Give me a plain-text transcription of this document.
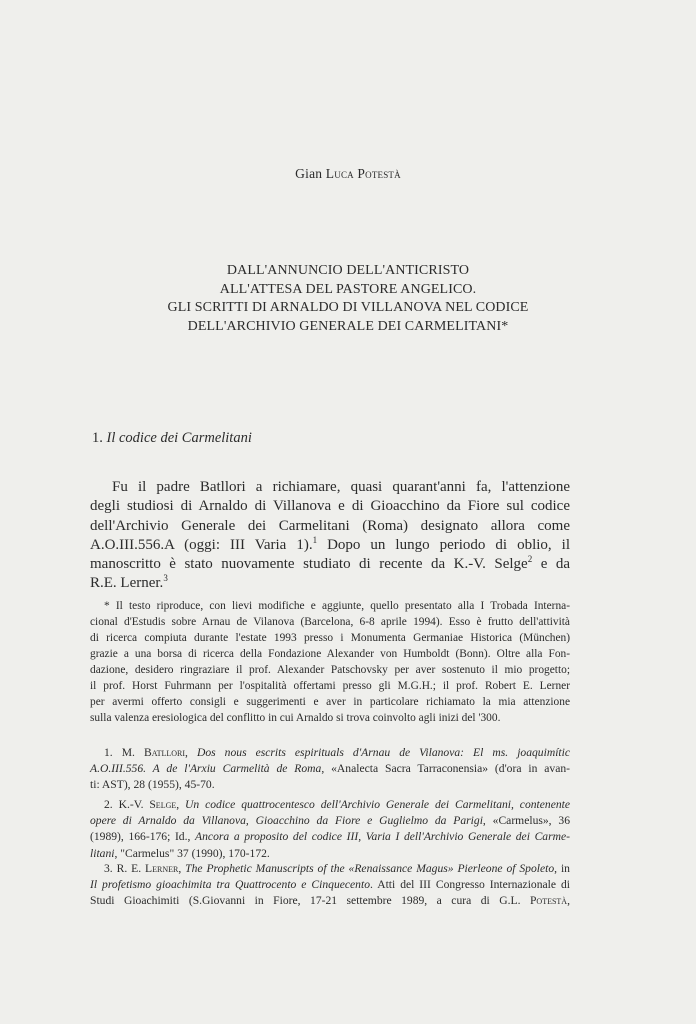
Gian Luca Potestà
DALL'ANNUNCIO DELL'ANTICRISTO
ALL'ATTESA DEL PASTORE ANGELICO.
GLI SCRITTI DI ARNALDO DI VILLANOVA NEL CODICE
DELL'ARCHIVIO GENERALE DEI CARMELITANI*
1. Il codice dei Carmelitani
Fu il padre Batllori a richiamare, quasi quarant'anni fa, l'attenzione
degli studiosi di Arnaldo di Villanova e di Gioacchino da Fiore sul codice
dell'Archivio Generale dei Carmelitani (Roma) designato allora come
A.O.III.556.A (oggi: III Varia 1).$^1$ Dopo un lungo periodo di oblio, il
manoscritto è stato nuovamente studiato di recente da K.-V. Selge$^2$ e da
R.E. Lerner.$^3$
* Il testo riproduce, con lievi modifiche e aggiunte, quello presentato alla I Trobada Interna-
cional d'Estudis sobre Arnau de Vilanova (Barcelona, 6-8 aprile 1994). Esso è frutto dell'attività
di ricerca compiuta durante l'estate 1993 presso i Monumenta Germaniae Historica (München)
grazie a una borsa di ricerca della Fondazione Alexander von Humboldt (Bonn). Oltre alla Fon-
dazione, desidero ringraziare il prof. Alexander Patschovsky per aver sostenuto il mio progetto;
il prof. Horst Fuhrmann per l'ospitalità offertami presso gli M.G.H.; il prof. Robert E. Lerner
per avermi offerto consigli e suggerimenti e aver in particolare richiamato la mia attenzione
sulla valenza eresiologica del conflitto in cui Arnaldo si trova coinvolto agli inizi del '300.
1. M. Batllori, Dos nous escrits espirituals d'Arnau de Vilanova: El ms. joaquimític
A.O.III.556. A de l'Arxiu Carmelità de Roma, «Analecta Sacra Tarraconensia» (d'ora in avan-
ti: AST), 28 (1955), 45-70.
2. K.-V. Selge, Un codice quattrocentesco dell'Archivio Generale dei Carmelitani, contenente
opere di Arnaldo da Villanova, Gioacchino da Fiore e Guglielmo da Parigi, «Carmelus», 36
(1989), 166-176; Id., Ancora a proposito del codice III, Varia I dell'Archivio Generale dei Carme-
litani, "Carmelus" 37 (1990), 170-172.
3. R. E. Lerner, The Prophetic Manuscripts of the «Renaissance Magus» Pierleone of Spoleto, in
Il profetismo gioachimita tra Quattrocento e Cinquecento. Atti del III Congresso Internazionale di
Studi Gioachimiti (S.Giovanni in Fiore, 17-21 settembre 1989, a cura di G.L. Potestà,
